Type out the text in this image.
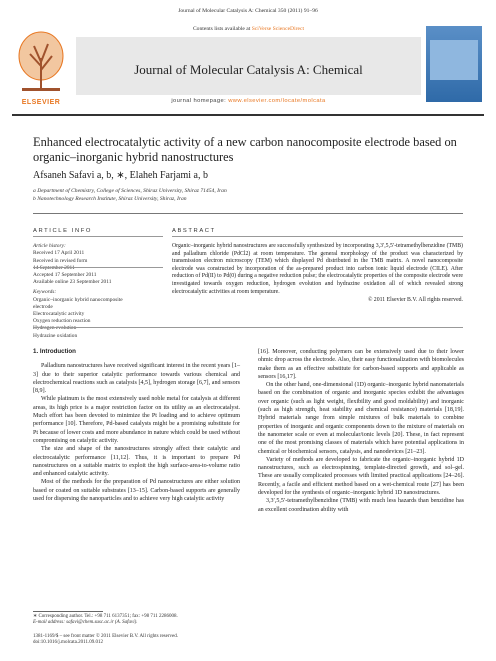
Journal of Molecular Catalysis A: Chemical 350 (2011) 91–96
ELSEVIER
Contents lists available at SciVerse ScienceDirect
Journal of Molecular Catalysis A: Chemical
journal homepage: www.elsevier.com/locate/molcata
Enhanced electrocatalytic activity of a new carbon nanocomposite electrode based on organic–inorganic hybrid nanostructures
Afsaneh Safavi a, b, ∗, Elaheh Farjami a, b
a Department of Chemistry, College of Sciences, Shiraz University, Shiraz 71454, Iran
b Nanotechnology Research Institute, Shiraz University, Shiraz, Iran
ARTICLE INFO
Article history:
Received 17 April 2011
Received in revised form
14 September 2011
Accepted 17 September 2011
Available online 23 September 2011
Keywords:
Organic–inorganic hybrid nanocomposite
electrode
Electrocatalytic activity
Oxygen reduction reaction
Hydrogen evolution
Hydrazine oxidation
ABSTRACT
Organic–inorganic hybrid nanostructures are successfully synthesized by incorporating 3,3′,5,5′-tetramethylbenzidine (TMB) and palladium chloride (PdCl2) at room temperature. The general morphology of the product was characterized by transmission electron microscopy (TEM) which displayed Pd distributed in the TMB matrix. A novel nanocomposite electrode was constructed by incorporation of the as-prepared product into carbon ionic liquid electrode (CILE). After reduction of Pd(II) to Pd(0) during a negative reduction pulse; the electrocatalytic properties of the composite electrode were investigated towards oxygen reduction, hydrogen evolution and hydrazine oxidation all of which revealed strong electrocatalytic activities at room temperature.
© 2011 Elsevier B.V. All rights reserved.
1. Introduction

Palladium nanostructures have received significant interest in the recent years [1–3] due to their superior catalytic performance towards various chemical and electrochemical reactions such as catalysis [4,5], hydrogen storage [6,7], and sensors [8,9].

While platinum is the most extensively used noble metal for catalysis at different areas, its high price is a major restriction factor on its utility as an electrocatalyst. Much effort has been devoted to minimize the Pt loading and to achieve optimum performance [10]. Therefore, Pd-based catalysts might be a promising substitute for Pt because of lower costs and more abundance in nature which could be used without compromising on catalytic activity.

The size and shape of the nanostructures strongly affect their catalytic and electrocatalytic performance [11,12]. Thus, it is important to prepare Pd nanostructures on a suitable matrix to exploit the high surface-area-to-volume ratio and enhanced catalytic activity.

Most of the methods for the preparation of Pd nanostructures are either solution based or coated on suitable substrates [13–15]. Carbon-based supports are generally used for dispersing the nanoparticles and to achieve very high catalytic activity

[16]. Moreover, conducting polymers can be extensively used due to their lower ohmic drop across the electrode. Also, their easy functionalization with biomolecules make them as an effective substitute for carbon-based supports and applicable as sensors [16,17].

On the other hand, one-dimensional (1D) organic–inorganic hybrid nanomaterials based on the combination of organic and inorganic species exhibit the advantages over organic (such as light weight, flexibility and good moldability) and inorganic (such as high strength, heat stability and chemical resistance) materials [18,19]. Hybrid materials range from simple mixtures of bulk materials to combine properties of inorganic and organic components down to the mixture of materials on the nanometer scale or even at molecular/ionic levels [20]. These, in fact represent one of the most promising classes of materials which have potential applications in chemical or biochemical sensors, catalysis, and nanodevices [21–23].

Variety of methods are developed to fabricate the organic–inorganic hybrid 1D nanostructures, such as electrospinning, template-directed growth, and sol–gel. These are usually complicated processes with limited practical applications [24–26]. Recently, a facile and efficient method based on a wet-chemical route [27] has been developed for the synthesis of organic–inorganic hybrid 1D nanostructures.

3,3′,5,5′-tetramethylbenzidine (TMB) with much less hazards than benzidine has an excellent coordination ability with

∗ Corresponding author. Tel.: +98 711 6137351; fax: +98 711 2286008.
E-mail address: safavi@chem.susc.ac.ir (A. Safavi).
1381-1169/$ – see front matter © 2011 Elsevier B.V. All rights reserved.
doi:10.1016/j.molcata.2011.09.012
